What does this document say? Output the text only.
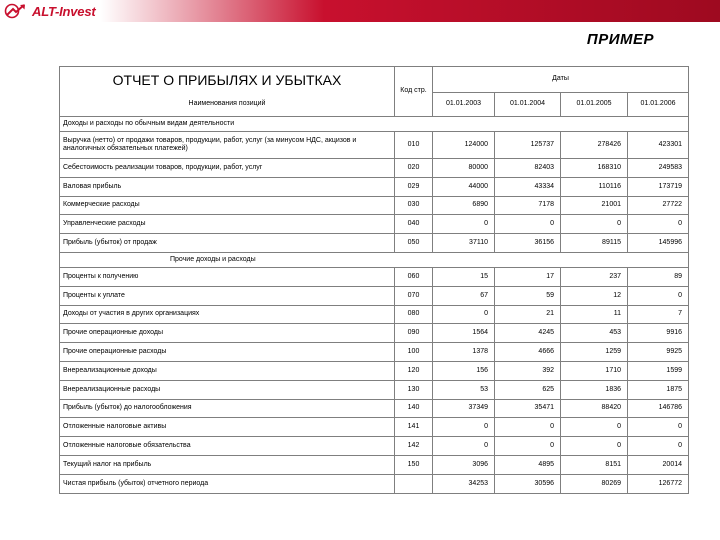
ALT-Invest
ПРИМЕР
ОТЧЕТ О ПРИБЫЛЯХ И УБЫТКАХ	Код стр.	Даты			
Наименования позиций		01.01.2003	01.01.2004	01.01.2005	01.01.2006
Доходы и расходы по обычным видам деятельности					
Выручка (нетто) от продажи товаров, продукции, работ, услуг (за минусом НДС, акцизов и аналогичных обязательных платежей)	010	124000	125737	278426	423301
Себестоимость реализации товаров, продукции, работ, услуг	020	80000	82403	168310	249583
Валовая прибыль	029	44000	43334	110116	173719
Коммерческие расходы	030	6890	7178	21001	27722
Управленческие расходы	040	0	0	0	0
Прибыль (убыток) от продаж	050	37110	36156	89115	145996
Прочие доходы и расходы					
Проценты к получению	060	15	17	237	89
Проценты к уплате	070	67	59	12	0
Доходы от участия в других организациях	080	0	21	11	7
Прочие операционные доходы	090	1564	4245	453	9916
Прочие операционные расходы	100	1378	4666	1259	9925
Внереализационные доходы	120	156	392	1710	1599
Внереализационные расходы	130	53	625	1836	1875
Прибыль (убыток) до налогообложения	140	37349	35471	88420	146786
Отложенные налоговые активы	141	0	0	0	0
Отложенные налоговые обязательства	142	0	0	0	0
Текущий налог на прибыль	150	3096	4895	8151	20014
Чистая прибыль (убыток) отчетного периода		34253	30596	80269	126772
